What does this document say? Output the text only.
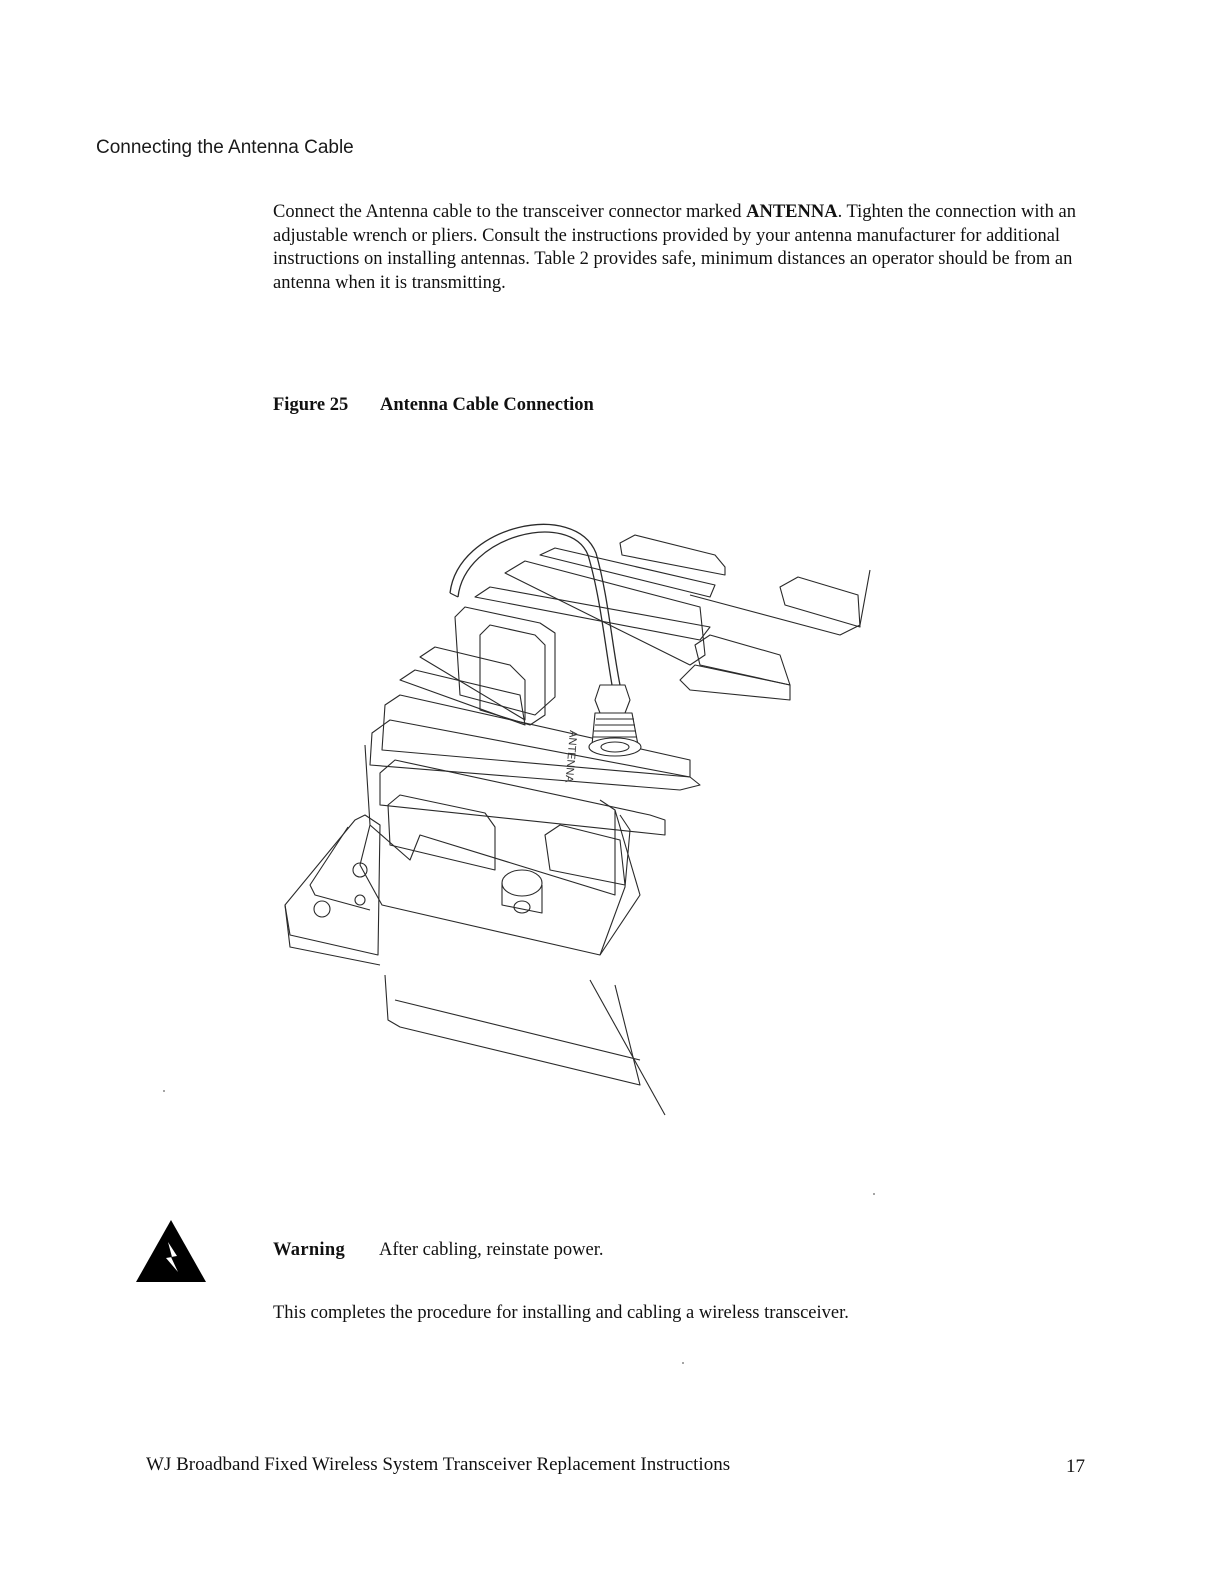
Connecting the Antenna Cable

Connect the Antenna cable to the transceiver connector marked ANTENNA. Tighten the connection with an adjustable wrench or pliers. Consult the instructions provided by your antenna manufacturer for additional instructions on installing antennas. Table 2 provides safe, minimum distances an operator should be from an antenna when it is transmitting.

Figure 25 Antenna Cable Connection
ANTENNA
Warning After cabling, reinstate power.
This completes the procedure for installing and cabling a wireless transceiver.
WJ Broadband Fixed Wireless System Transceiver Replacement Instructions	17
